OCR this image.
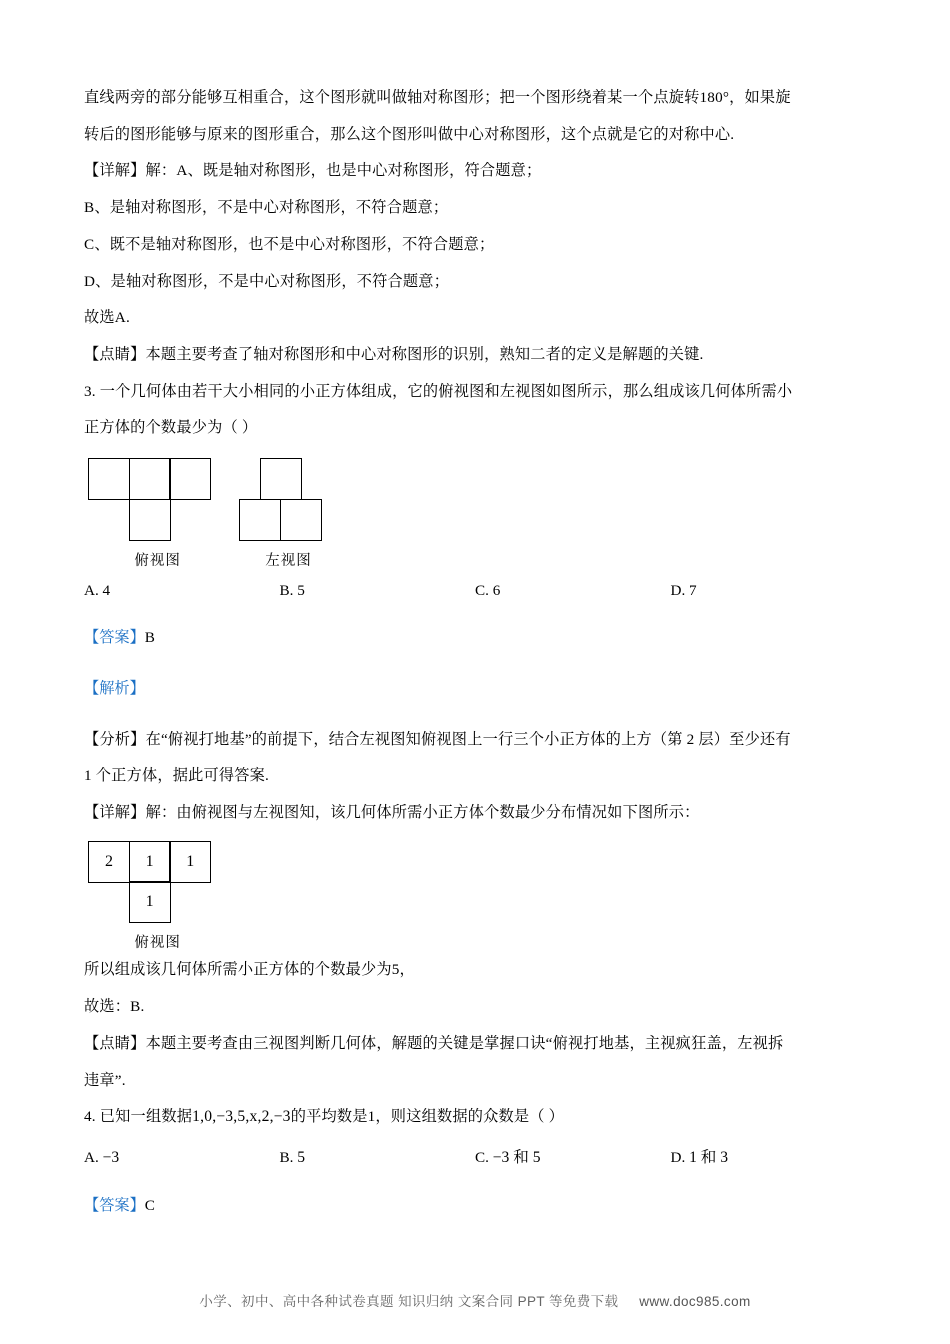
直线两旁的部分能够互相重合，这个图形就叫做轴对称图形；把一个图形绕着某一个点旋转180°，如果旋

转后的图形能够与原来的图形重合，那么这个图形叫做中心对称图形，这个点就是它的对称中心.

【详解】解：A、既是轴对称图形，也是中心对称图形，符合题意；

B、是轴对称图形，不是中心对称图形，不符合题意；

C、既不是轴对称图形，也不是中心对称图形，不符合题意；

D、是轴对称图形，不是中心对称图形，不符合题意；

故选A.

【点睛】本题主要考查了轴对称图形和中心对称图形的识别，熟知二者的定义是解题的关键.

3. 一个几何体由若干大小相同的小正方体组成，它的俯视图和左视图如图所示，那么组成该几何体所需小

正方体的个数最少为（ ）

俯视图
	左视图
A. 4	B. 5	C. 6	D. 7

【答案】B

【解析】

【分析】在“俯视打地基”的前提下，结合左视图知俯视图上一行三个小正方体的上方（第 2 层）至少还有

1 个正方体，据此可得答案.

【详解】解：由俯视图与左视图知，该几何体所需小正方体个数最少分布情况如下图所示：

2 1 1
1
俯视图

所以组成该几何体所需小正方体的个数最少为5，

故选：B.

【点睛】本题主要考查由三视图判断几何体，解题的关键是掌握口诀“俯视打地基，主视疯狂盖，左视拆

违章”.

4. 已知一组数据1,0,−3,5,x,2,−3的平均数是1，则这组数据的众数是（ ）

A. −3	B. 5	C. −3 和 5	D. 1 和 3

【答案】C

小学、初中、高中各种试卷真题 知识归纳 文案合同 PPT 等免费下载 www.doc985.com
